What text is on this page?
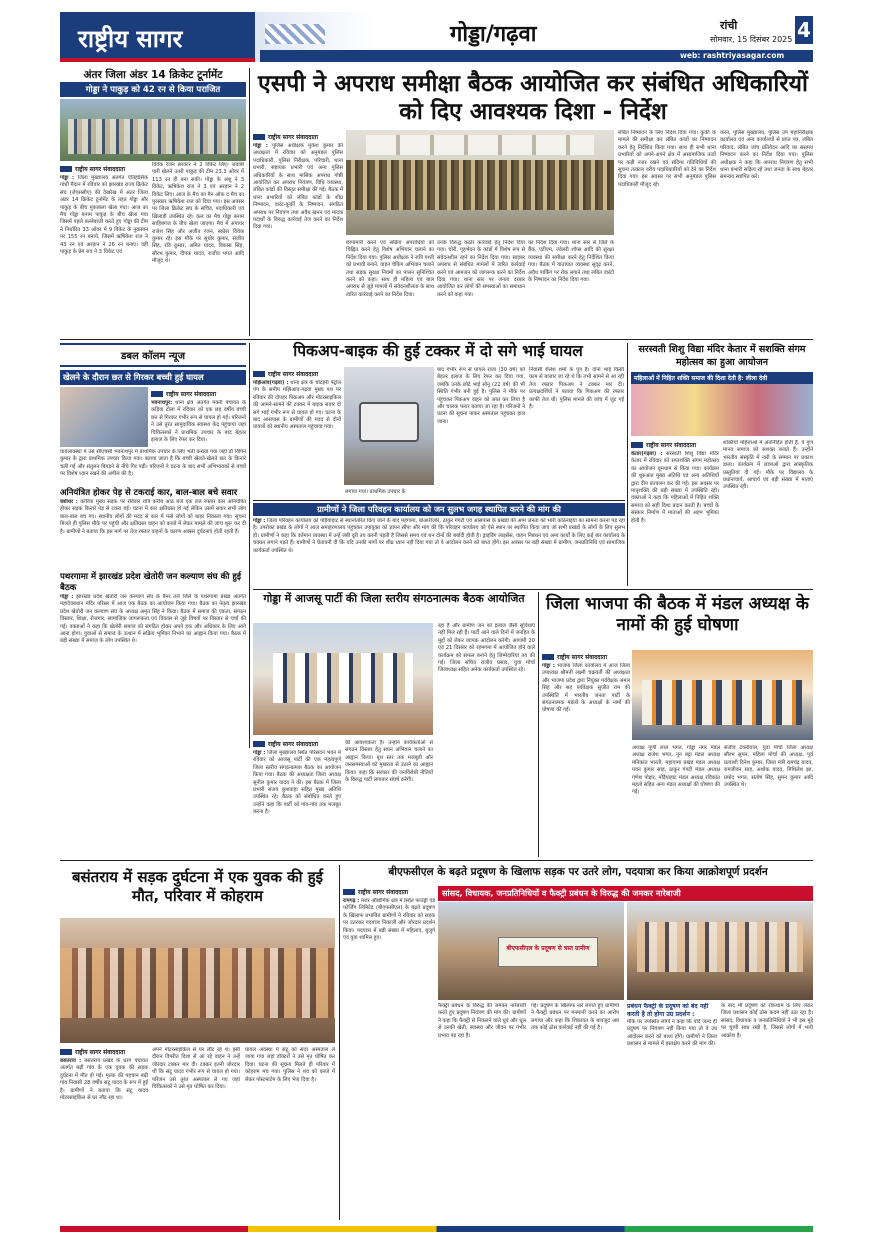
राष्ट्रीय सागर	गोड्डा/गढ़वा	रांची
सोमवार, 15 दिसंबर 2025 4
web: rashtriyasagar.com
अंतर जिला अंडर 14 क्रिकेट टूर्नामेंट
गोड्डा ने पाकुड़ को 42 रन से किया पराजित
राष्ट्रीय सागर संवाददाता
गोड्डा : जिला मुख्यालय अंतर्गत ऐतिहासिक गांधी मैदान में रविवार को झारखंड राज्य क्रिकेट संघ (जेएससीए) की देखरेख में अंतर जिला अंडर 14 क्रिकेट टूर्नामेंट के तहत गोड्डा और पाकुड़ के बीच मुकाबला खेला गया। आज का मैच गोड्डा बनाम पाकुड़ के बीच खेला गया जिसमें पहले बल्लेबाजी करते हुए गोड्डा की टीम ने निर्धारित 33 ओवर में 9 विकेट के नुकसान पर 155 रन बनाये, जिसमें ऋषिकेश राज ने 43 रन एवं अरहान ने 26 रन बनाए। वहीं पाकुड़ के प्रेम राय ने 3 विकेट एवं
विवेक रंजन सरकार ने 2 विकेट लिए। जवाबी पारी खेलने उतरी पाकुड़ की टीम 23.3 ओवर में 113 रन ही बना सकी। गोड्डा के अंशु ने 3 विकेट, ऋषिकेश राज ने 3 एवं अरहान ने 2 विकेट लिए। आज के मैच का मैन ऑफ द मैच का पुरस्कार ऋषिकेश राज को दिया गया। इस अवसर पर जिला क्रिकेट संघ के सचिव, पदाधिकारी एवं खिलाड़ी उपस्थित रहे। कल का मैच गोड्डा बनाम साहिबगंज के बीच खेला जाएगा। मैच में अंपायर राजेश सिंह और अजीत रंजन, स्कोरर विवेक कुमार रहे। इस मौके पर सुधीर कुमार, संजीव सिंह, रवि कुमार, अमित यादव, विकास सिंह, सौरभ कुमार, दीपक यादव, राजीव भगत आदि मौजूद थे।
एसपी ने अपराध समीक्षा बैठक आयोजित कर संबंधित अधिकारियों को दिए आवश्यक दिशा - निर्देश
राष्ट्रीय सागर संवाददाता
गोड्डा : पुलिस अधीक्षक मुकेश कुमार की अध्यक्षता में रविवार को अनुमंडल पुलिस पदाधिकारी, पुलिस निरीक्षक, परिचारी, थाना प्रभारी, सहायक प्रभारी एवं अन्य पुलिस अधिकारियों के साथ मासिक अपराध गोष्ठी आयोजित कर अपराध नियंत्रण, विधि व्यवस्था, लंबित कांडों की विस्तृत समीक्षा की गई। बैठक में थाना प्रभारियों को लंबित कांडों के शीघ्र निष्पादन, वारंट-कुर्की के निष्पादन, संगठित अपराध पर नियंत्रण तथा अवैध खनन एवं मादक पदार्थों के विरुद्ध कार्रवाई तेज करने का निर्देश दिया गया।
छापामारी करने एवं सक्रिय अपराधियों को चिह्नित करने हेतु विशेष अभियान चलाने का निर्देश दिया गया। पुलिस अधीक्षक ने रात्रि गश्ती को प्रभावी बनाने, वाहन चेकिंग अभियान चलाने तथा सड़क सुरक्षा नियमों का पालन सुनिश्चित करने को कहा। साथ ही महिला एवं बाल अपराध से जुड़े मामलों में संवेदनशीलता के साथ त्वरित कार्रवाई करने का निर्देश दिया।
उनके विरुद्ध कठोर कार्रवाई हेतु निर्देश दिया गया। चोरी, गृहभेदन के कांडों में विशेष रूप से संवेदनशील रहने का निर्देश दिया गया। साइबर अपराध से संबंधित मामलों में त्वरित कार्रवाई करने एवं आमजन को जागरूक करने का निर्देश दिया गया। थाना स्तर पर जनता दरबार आयोजित कर लोगों की समस्याओं का समाधान करने को कहा गया।
का निर्देश दिया गया। थाना स्तर से जिले के बैंक, एटीएम, ज्वेलरी शॉप्स आदि की सुरक्षा व्यवस्था की समीक्षा करने हेतु निर्देशित किया गया। बैठक में यातायात व्यवस्था सुदृढ़ करने, अवैध पार्किंग पर रोक लगाने तथा लंबित वारंटों के निष्पादन का निर्देश दिया गया।
लंबित निष्पादन के लिए निर्देश दिया गया। कुर्की के मामले की समीक्षा कर लंबित कांडों का निष्पादन करने हेतु निर्देशित किया गया। साथ ही सभी थाना प्रभारियों को अपने-अपने क्षेत्र में असामाजिक तत्वों पर कड़ी नजर रखने एवं संदिग्ध गतिविधियों की सूचना तत्काल वरीय पदाधिकारियों को देने का निर्देश दिया गया। इस अवसर पर सभी अनुमंडल पुलिस पदाधिकारी मौजूद रहे।
करने, पुलिस मुख्यालय, पुलिस उप महानिरीक्षक कार्यालय एवं अन्य कार्यालयों से प्राप्त पत्र, लंबित परिवाद, लंबित जांच प्रतिवेदन आदि का ससमय निष्पादन करने का निर्देश दिया गया। पुलिस अधीक्षक ने कहा कि अपराध नियंत्रण हेतु सभी थाना प्रभारी सक्रिय रहें तथा जनता के साथ बेहतर समन्वय स्थापित करें।
डबल कॉलम न्यूज
खेलने के दौरान छत से गिरकर बच्ची हुई घायल
राष्ट्रीय सागर संवाददाता
भवनाथपुर: थाना क्षेत्र अंतर्गत मकरी पंचायत के कड़िया टोला में रविवार को एक छह वर्षीय बच्ची छत से गिरकर गंभीर रूप से घायल हो गई। परिजनों ने उसे तुरंत सामुदायिक स्वास्थ्य केंद्र पहुंचाया जहां चिकित्सकों ने प्राथमिक उपचार के बाद बेहतर इलाज के लिए रेफर कर दिया।
घायलावस्था में उसे सीएचसी भवनाथपुर में प्राथमिक उपचार के लिए भर्ती कराया गया जहां डॉ विपिन कुमार के द्वारा प्राथमिक उपचार किया गया। बताया जाता है कि बच्ची खेलते-खेलते छत के किनारे चली गई और संतुलन बिगड़ने से नीचे गिर पड़ी। परिजनों ने घटना के बाद सभी अभिभावकों से बच्चों पर विशेष ध्यान रखने की अपील की है।
अनियंत्रित होकर पेड़ से टकराई कार, बाल-बाल बचे सवार
बंशीधर : कोरिवा मुख्य सड़क पर रविवार रात्रि करीब आठ बजे एक तेज रफ्तार कार अनियंत्रित होकर सड़क किनारे पेड़ से टकरा गई। घटना में कार क्षतिग्रस्त हो गई लेकिन उसमें सवार सभी लोग बाल-बाल बच गए। स्थानीय लोगों की मदद से कार में फंसे लोगों को बाहर निकाला गया। सूचना मिलते ही पुलिस मौके पर पहुंची और क्षतिग्रस्त वाहन को कब्जे में लेकर मामले की जांच शुरू कर दी है। ग्रामीणों ने बताया कि इस मार्ग पर तेज रफ्तार वाहनों के कारण अक्सर दुर्घटनाएं होती रहती हैं।
पथरगामा में झारखंड प्रदेश खेतोरी जन कल्याण संघ की हुई बैठक
गोड्डा : झारखंड प्रदेश खेतोरी जन कल्याण संघ के बैनर तले जिले के पथरगामा प्रखंड अंतर्गत महादेवबथान मंदिर परिसर में आज एक बैठक का आयोजन किया गया। बैठक का नेतृत्व झारखंड प्रदेश खेतोरी जन कल्याण संघ के अध्यक्ष अमृत सिंह ने किया। बैठक में समाज की एकता, संगठन विस्तार, शिक्षा, रोजगार, सामाजिक जागरूकता एवं विकास से जुड़े विषयों पर विस्तार से चर्चा की गई। वक्ताओं ने कहा कि खेतोरी समाज को संगठित होकर अपने हक और अधिकार के लिए आगे आना होगा। युवाओं से समाज के उत्थान में सक्रिय भूमिका निभाने का आह्वान किया गया। बैठक में बड़ी संख्या में समाज के लोग उपस्थित थे।
पिकअप-बाइक की हुई टक्कर में दो सगे भाई घायल
राष्ट्रीय सागर संवाददाता
मझिआंव(गढ़वा) : थाना क्षेत्र के चोटहरी पेट्रोल पंप के समीप मझिआंव-गढ़वा मुख्य पथ पर रविवार की दोपहर पिकअप और मोटरसाइकिल की आमने-सामने की टक्कर में बाइक सवार दो सगे भाई गंभीर रूप से घायल हो गए। घटना के बाद आसपास के ग्रामीणों की मदद से दोनों घायलों को स्थानीय अस्पताल पहुंचाया गया।
लगाया गया। प्राथमिक उपचार के
बाद गंभीर रूप से घायल राजा (30 वर्ष) को बेहतर इलाज के लिए रेफर कर दिया गया, जबकि उनके छोटे भाई सोनू (22 वर्ष) की भी स्थिति गंभीर बनी हुई है। पुलिस ने मौके पर पहुंचकर पिकअप वाहन को जब्त कर लिया है और चालक फरार बताया जा रहा है। परिजनों ने घटना की सूचना पाकर अस्पताल पहुंचकर हाल जाना।
निवासी शैलेश शर्मा के पुत्र हैं। दोनों भाई किसी काम से बाजार जा रहे थे कि तभी सामने से आ रही तेज रफ्तार पिकअप ने टक्कर मार दी। प्रत्यक्षदर्शियों ने बताया कि पिकअप की रफ्तार काफी तेज थी। पुलिस मामले की जांच में जुट गई है।
सरस्वती शिशु विद्या मंदिर केतार में सशक्ति संगम महोत्सव का हुआ आयोजन
महिलाओं में निहित शक्ति समाज की दिशा देती है: लीला देवी
राष्ट्रीय सागर संवाददाता
केतार(गढ़वा) : सरस्वती शिशु विद्या मंदिर केतार में रविवार को सप्तशक्ति संगम महोत्सव का आयोजन धूमधाम से किया गया। कार्यक्रम की शुरुआत मुख्य अतिथि एवं अन्य अतिथियों द्वारा दीप प्रज्वलन कर की गई। इस अवसर पर मातृशक्ति की बड़ी संख्या में उपस्थिति रही। वक्ताओं ने कहा कि महिलाओं में निहित शक्ति समाज को सही दिशा प्रदान करती है। बच्चों के संस्कार निर्माण में माताओं की अहम भूमिका होती है।
शक्तियों महिलाओं में अंतर्निहित होती हैं, ये गुण मानव समाज को सशक्त बनाते हैं। उन्होंने भारतीय संस्कृति में नारी के सम्मान पर प्रकाश डाला। कार्यक्रम में छात्राओं द्वारा सांस्कृतिक प्रस्तुतियां दी गईं। मौके पर विद्यालय के प्रधानाचार्य, आचार्य एवं बड़ी संख्या में माताएं उपस्थित रहीं।
ग्रामीणों ने जिला परिवहन कार्यालय को जन सुलभ जगह स्थापित करने की मांग की
गोड्डा : जिला परिवहन कार्यालय को पोड़ैयाहाट से स्थानांतरित किए जाने के बाद महगामा, बोआरीजोर, ठाकुर गंगटी एवं आसपास के प्रखंडों की आम जनता को भारी कठिनाइयों का सामना करना पड़ रहा है। उपरोक्त प्रखंड के लोगों ने आज समाहरणालय पहुंचकर उपायुक्त को ज्ञापन सौंपा और मांग की कि परिवहन कार्यालय को ऐसे स्थान पर स्थापित किया जाए जो सभी प्रखंडों के लोगों के लिए सुलभ हो। ग्रामीणों ने कहा कि वर्तमान व्यवस्था में उन्हें लंबी दूरी तय करनी पड़ती है जिससे समय एवं धन दोनों की बर्बादी होती है। ड्राइविंग लाइसेंस, वाहन निबंधन एवं अन्य कार्यों के लिए कई बार कार्यालय के चक्कर लगाने पड़ते हैं। ग्रामीणों ने चेतावनी दी कि यदि उनकी मांगों पर शीघ्र ध्यान नहीं दिया गया तो वे आंदोलन करने को बाध्य होंगे। इस अवसर पर बड़ी संख्या में ग्रामीण, जनप्रतिनिधि एवं सामाजिक कार्यकर्ता उपस्थित थे।
गोड्डा में आजसू पार्टी की जिला स्तरीय संगठनात्मक बैठक आयोजित
राष्ट्रीय सागर संवाददाता
गोड्डा : जिला मुख्यालय स्थित परिसदन भवन में रविवार को आजसू पार्टी की एक महत्वपूर्ण जिला स्तरीय संगठनात्मक बैठक का आयोजन किया गया। बैठक की अध्यक्षता जिला अध्यक्ष सुनील कुमार यादव ने की। इस बैठक में जिला प्रभारी संजय कुशवाहा सहित मुख्य अतिथि उपस्थित रहे। बैठक को संबोधित करते हुए उन्होंने कहा कि पार्टी को गांव-गांव तक मजबूत करना है।
की आवश्यकता है। उन्होंने कार्यकर्ताओं से संगठन विस्तार हेतु सघन अभियान चलाने का आह्वान किया। बूथ स्तर तक मजबूती और जनसमस्याओं को मुखरता से उठाने का आह्वान किया। कहा कि सरकार की जनविरोधी नीतियों के विरुद्ध पार्टी लगातार संघर्ष करेगी।
रहा है और ग्रामीण जन को इलाज जैसी सुविधाएं नहीं मिल रही हैं। पार्टी आने वाले दिनों में जनहित के मुद्दों को लेकर व्यापक आंदोलन करेगी। आगामी 20 एवं 21 दिसंबर को रहमगमा में आयोजित होने वाले कार्यक्रम को सफल बनाने हेतु जिम्मेदारियां तय की गईं। जिला सचिव राजीव प्रसाद, युवा मोर्चा जिलाध्यक्ष सहित अनेक कार्यकर्ता उपस्थित रहे।
जिला भाजपा की बैठक में मंडल अध्यक्ष के नामों की हुई घोषणा
राष्ट्रीय सागर संवाददाता
गोड्डा : भाजपा जिला कार्यालय में आज जिला उपाध्यक्ष श्रीमती लक्ष्मी चक्रवर्ती की अध्यक्षता और भाजपा प्रदेश द्वारा नियुक्त पर्यवेक्षक अमल सिंह और सह पर्यवेक्षक सुजीत राम की उपस्थिति में भारतीय जनता पार्टी के संगठनात्मक मंडलों के अध्यक्षों के नामों की घोषणा की गई।
अध्यक्ष पूर्णी लाल भगत, गोड्डा नगर मंडल अध्यक्ष राजेश भगत, नून बट्टा मंडल अध्यक्ष मनिकांत भारती, महागामा प्रखंड मंडल अध्यक्ष पवन कुमार साह, ठाकुर गंगटी मंडल अध्यक्ष गणेश पोद्दार, पोड़ैयाहाट मंडल अध्यक्ष रविकांत महतो सहित अन्य मंडल अध्यक्षों की घोषणा की गई।
संजीव टेकरीवाल, युवा मोर्चा जिला अध्यक्ष सौरभ सुमन, महिला मोर्चा की अध्यक्ष, पूर्व प्रत्याशी दिनेश कुमार, जिला मंत्री रामचंद्र यादव, रामजीवन साह, अशोक यादव, मिथिलेश झा, प्रमोद भगत, संतोष सिंह, सुमन कुमार आदि उपस्थित थे।
बसंतराय में सड़क दुर्घटना में एक युवक की हुई मौत, परिवार में कोहराम
राष्ट्रीय सागर संवाददाता
बसंतराय : बसंतराय प्रखंड के धरग पंचायत अंतर्गत बढ़ी गांव के एक युवक की सड़क दुर्घटना में मौत हो गई। मृतक की पहचान बढ़ी गांव निवासी 28 वर्षीय संटू यादव के रूप में हुई है। ग्रामीणों ने बताया कि संटू यादव मोटरसाइकिल से घर लौट रहा था।
अपने मोटरसाइकिल से घर लौट रहे थे। इसी दौरान विपरीत दिशा से आ रहे वाहन ने उन्हें जोरदार टक्कर मार दी। टक्कर इतनी जोरदार थी कि संटू यादव गंभीर रूप से घायल हो गया। परिजन उसे तुरंत अस्पताल ले गए जहां चिकित्सकों ने उसे मृत घोषित कर दिया।
घायल अवस्था में संटू को सदर अस्पताल ले जाया गया जहां डॉक्टरों ने उसे मृत घोषित कर दिया। घटना की सूचना मिलते ही परिवार में कोहराम मच गया। पुलिस ने शव को कब्जे में लेकर पोस्टमार्टम के लिए भेज दिया है।
बीएफसीएल के बढ़ते प्रदूषण के खिलाफ सड़क पर उतरे लोग, पदयात्रा कर किया आक्रोशपूर्ण प्रदर्शन
राष्ट्रीय सागर संवाददाता
रामगढ़ : मरार औद्योगिक क्षेत्र में स्थित फाउंड्री एंड फोर्जिंग लिमिटेड (बीएफसीएल) के बढ़ते प्रदूषण के खिलाफ प्रभावित ग्रामीणों ने रविवार को सड़क पर उतरकर पदयात्रा निकाली और जोरदार प्रदर्शन किया। पदयात्रा में बड़ी संख्या में महिलाएं, बुजुर्ग एवं युवा शामिल हुए।
सांसद, विधायक, जनप्रतिनिधियों व फैक्ट्री प्रबंधन के विरुद्ध की जमकर नारेबाजी
बीएफसीएल के प्रदूषण से त्रस्त ग्रामीण
फैक्ट्री प्रबंधन के विरुद्ध की जमकर नारेबाजी करते हुए प्रदूषण नियंत्रण की मांग की। ग्रामीणों ने कहा कि फैक्ट्री से निकलने वाले धुएं और धूल से उनकी खेती, स्वास्थ्य और जीवन पर गंभीर प्रभाव पड़ रहा है।
गई। प्रदूषण के खिलाफ नारे लगाते हुए ग्रामीणों ने फैक्ट्री प्रबंधन पर मनमानी करने का आरोप लगाया और कहा कि शिकायत के बावजूद अब तक कोई ठोस कार्रवाई नहीं की गई है।
प्रबंधन फैक्ट्री के प्रदूषण को बंद नहीं करती है तो होगा उग्र प्रदर्शन :
मौके पर उपस्थित लोगों ने कहा कि यदि जल्द ही प्रदूषण पर नियंत्रण नहीं किया गया तो वे उग्र आंदोलन करने को बाध्य होंगे। ग्रामीणों ने जिला प्रशासन से मामले में हस्तक्षेप करने की मांग की।
के बाद भी प्रदूषण को रोकथाम के लिए लेकर जिला प्रशासन कोई ठोस कदम नहीं उठा रहा है। सांसद, विधायक व जनप्रतिनिधियों ने भी इस मुद्दे पर चुप्पी साध रखी है, जिससे लोगों में भारी आक्रोश है।
